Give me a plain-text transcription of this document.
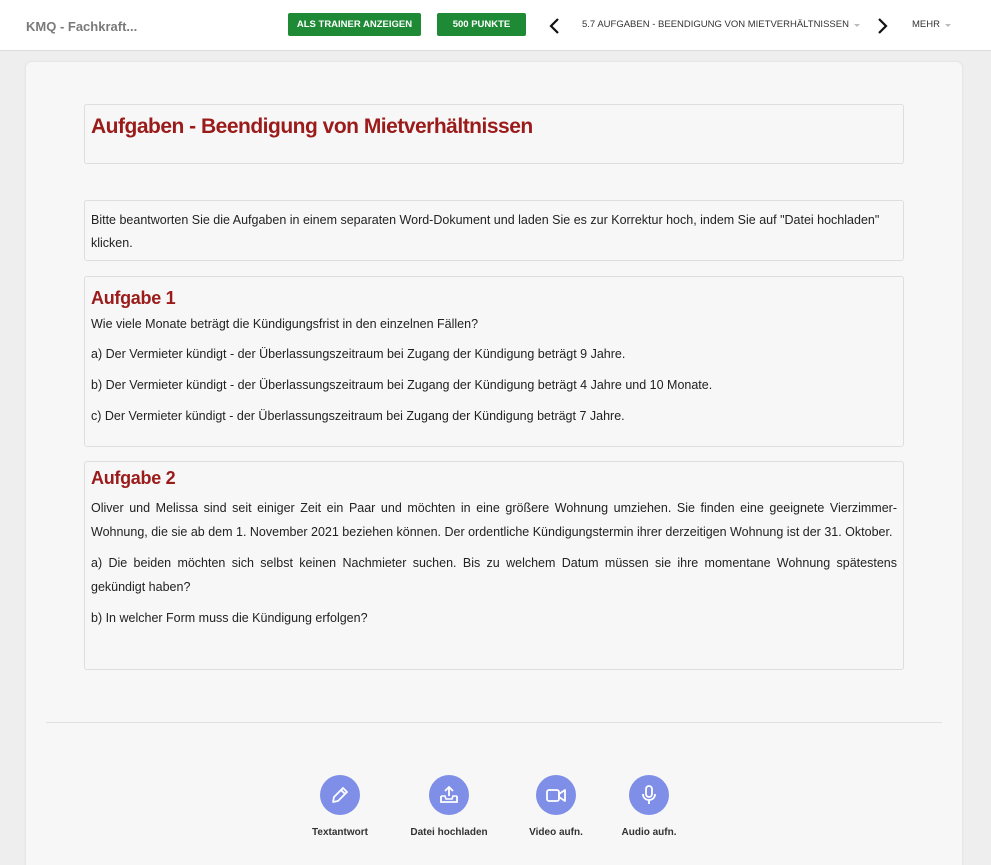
KMQ - Fachkraft...	ALS TRAINER ANZEIGEN	500 PUNKTE	5.7 AUFGABEN - BEENDIGUNG VON MIETVERHÄLTNISSEN	MEHR
Aufgaben - Beendigung von Mietverhältnissen

Bitte beantworten Sie die Aufgaben in einem separaten Word-Dokument und laden Sie es zur Korrektur hoch, indem Sie auf "Datei hochladen" klicken.

Aufgabe 1
Wie viele Monate beträgt die Kündigungsfrist in den einzelnen Fällen?
a) Der Vermieter kündigt - der Überlassungszeitraum bei Zugang der Kündigung beträgt 9 Jahre.
b) Der Vermieter kündigt - der Überlassungszeitraum bei Zugang der Kündigung beträgt 4 Jahre und 10 Monate.
c) Der Vermieter kündigt - der Überlassungszeitraum bei Zugang der Kündigung beträgt 7 Jahre.
Aufgabe 2
Oliver und Melissa sind seit einiger Zeit ein Paar und möchten in eine größere Wohnung umziehen. Sie finden eine geeignete Vierzimmer-Wohnung, die sie ab dem 1. November 2021 beziehen können. Der ordentliche Kündigungstermin ihrer derzeitigen Wohnung ist der 31. Oktober.
a) Die beiden möchten sich selbst keinen Nachmieter suchen. Bis zu welchem Datum müssen sie ihre momentane Wohnung spätestens gekündigt haben?
b) In welcher Form muss die Kündigung erfolgen?
Textantwort	Datei hochladen	Video aufn.	Audio aufn.
